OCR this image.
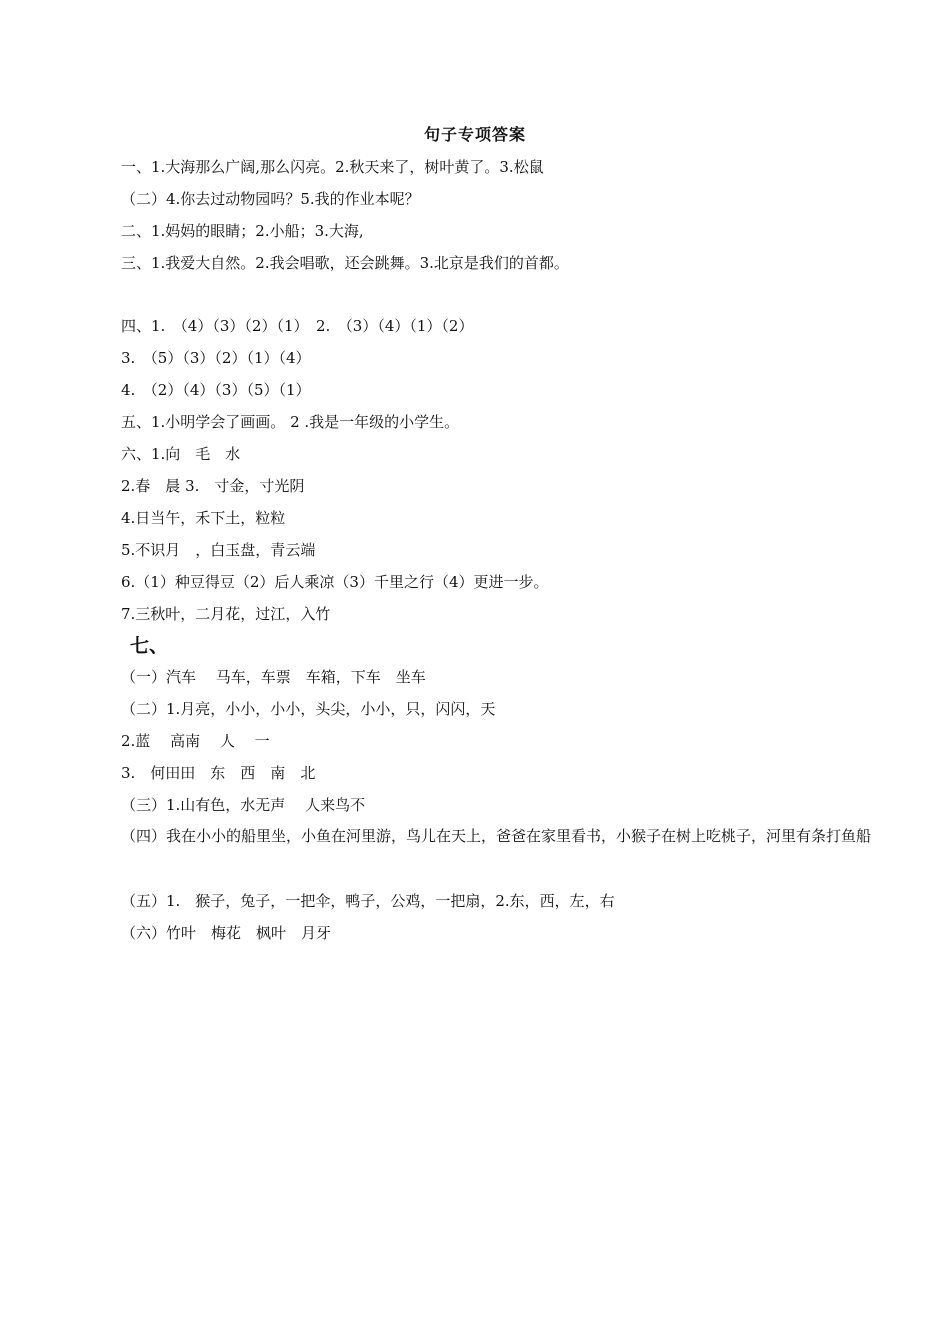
句子专项答案
一、1.大海那么广阔,那么闪亮。2.秋天来了，树叶黄了。3.松鼠
（二）4.你去过动物园吗？5.我的作业本呢？
二、1.妈妈的眼睛；2.小船；3.大海,
三、1.我爱大自然。2.我会唱歌，还会跳舞。3.北京是我们的首都。
四、1.　（4）（3）（2）（1）　2.　（3）（4）（1）（2）
3.　（5）（3）（2）（1）（4）
4.　（2）（4）（3）（5）（1）
五、1.小明学会了画画。 2 .我是一年级的小学生。
六、1.向　毛　水
2.春　晨 3.　寸金，寸光阴
4.日当午，禾下土，粒粒
5.不识月　，白玉盘，青云端
6.（1）种豆得豆（2）后人乘凉（3）千里之行（4）更进一步。
7.三秋叶，二月花，过江，入竹
七、
（一）汽车　 马车，车票　车箱，下车　坐车
（二）1.月亮，小小，小小，头尖，小小，只，闪闪，天
2.蓝　 高南　 人　 一
3.　何田田　东　西　南　北
（三）1.山有色，水无声　 人来鸟不
（四）我在小小的船里坐，小鱼在河里游，鸟儿在天上，爸爸在家里看书，小猴子在树上吃桃子，河里有条打鱼船
（五）1.　猴子，兔子，一把伞，鸭子，公鸡，一把扇，2.东，西，左，右
（六）竹叶　梅花　枫叶　月牙
